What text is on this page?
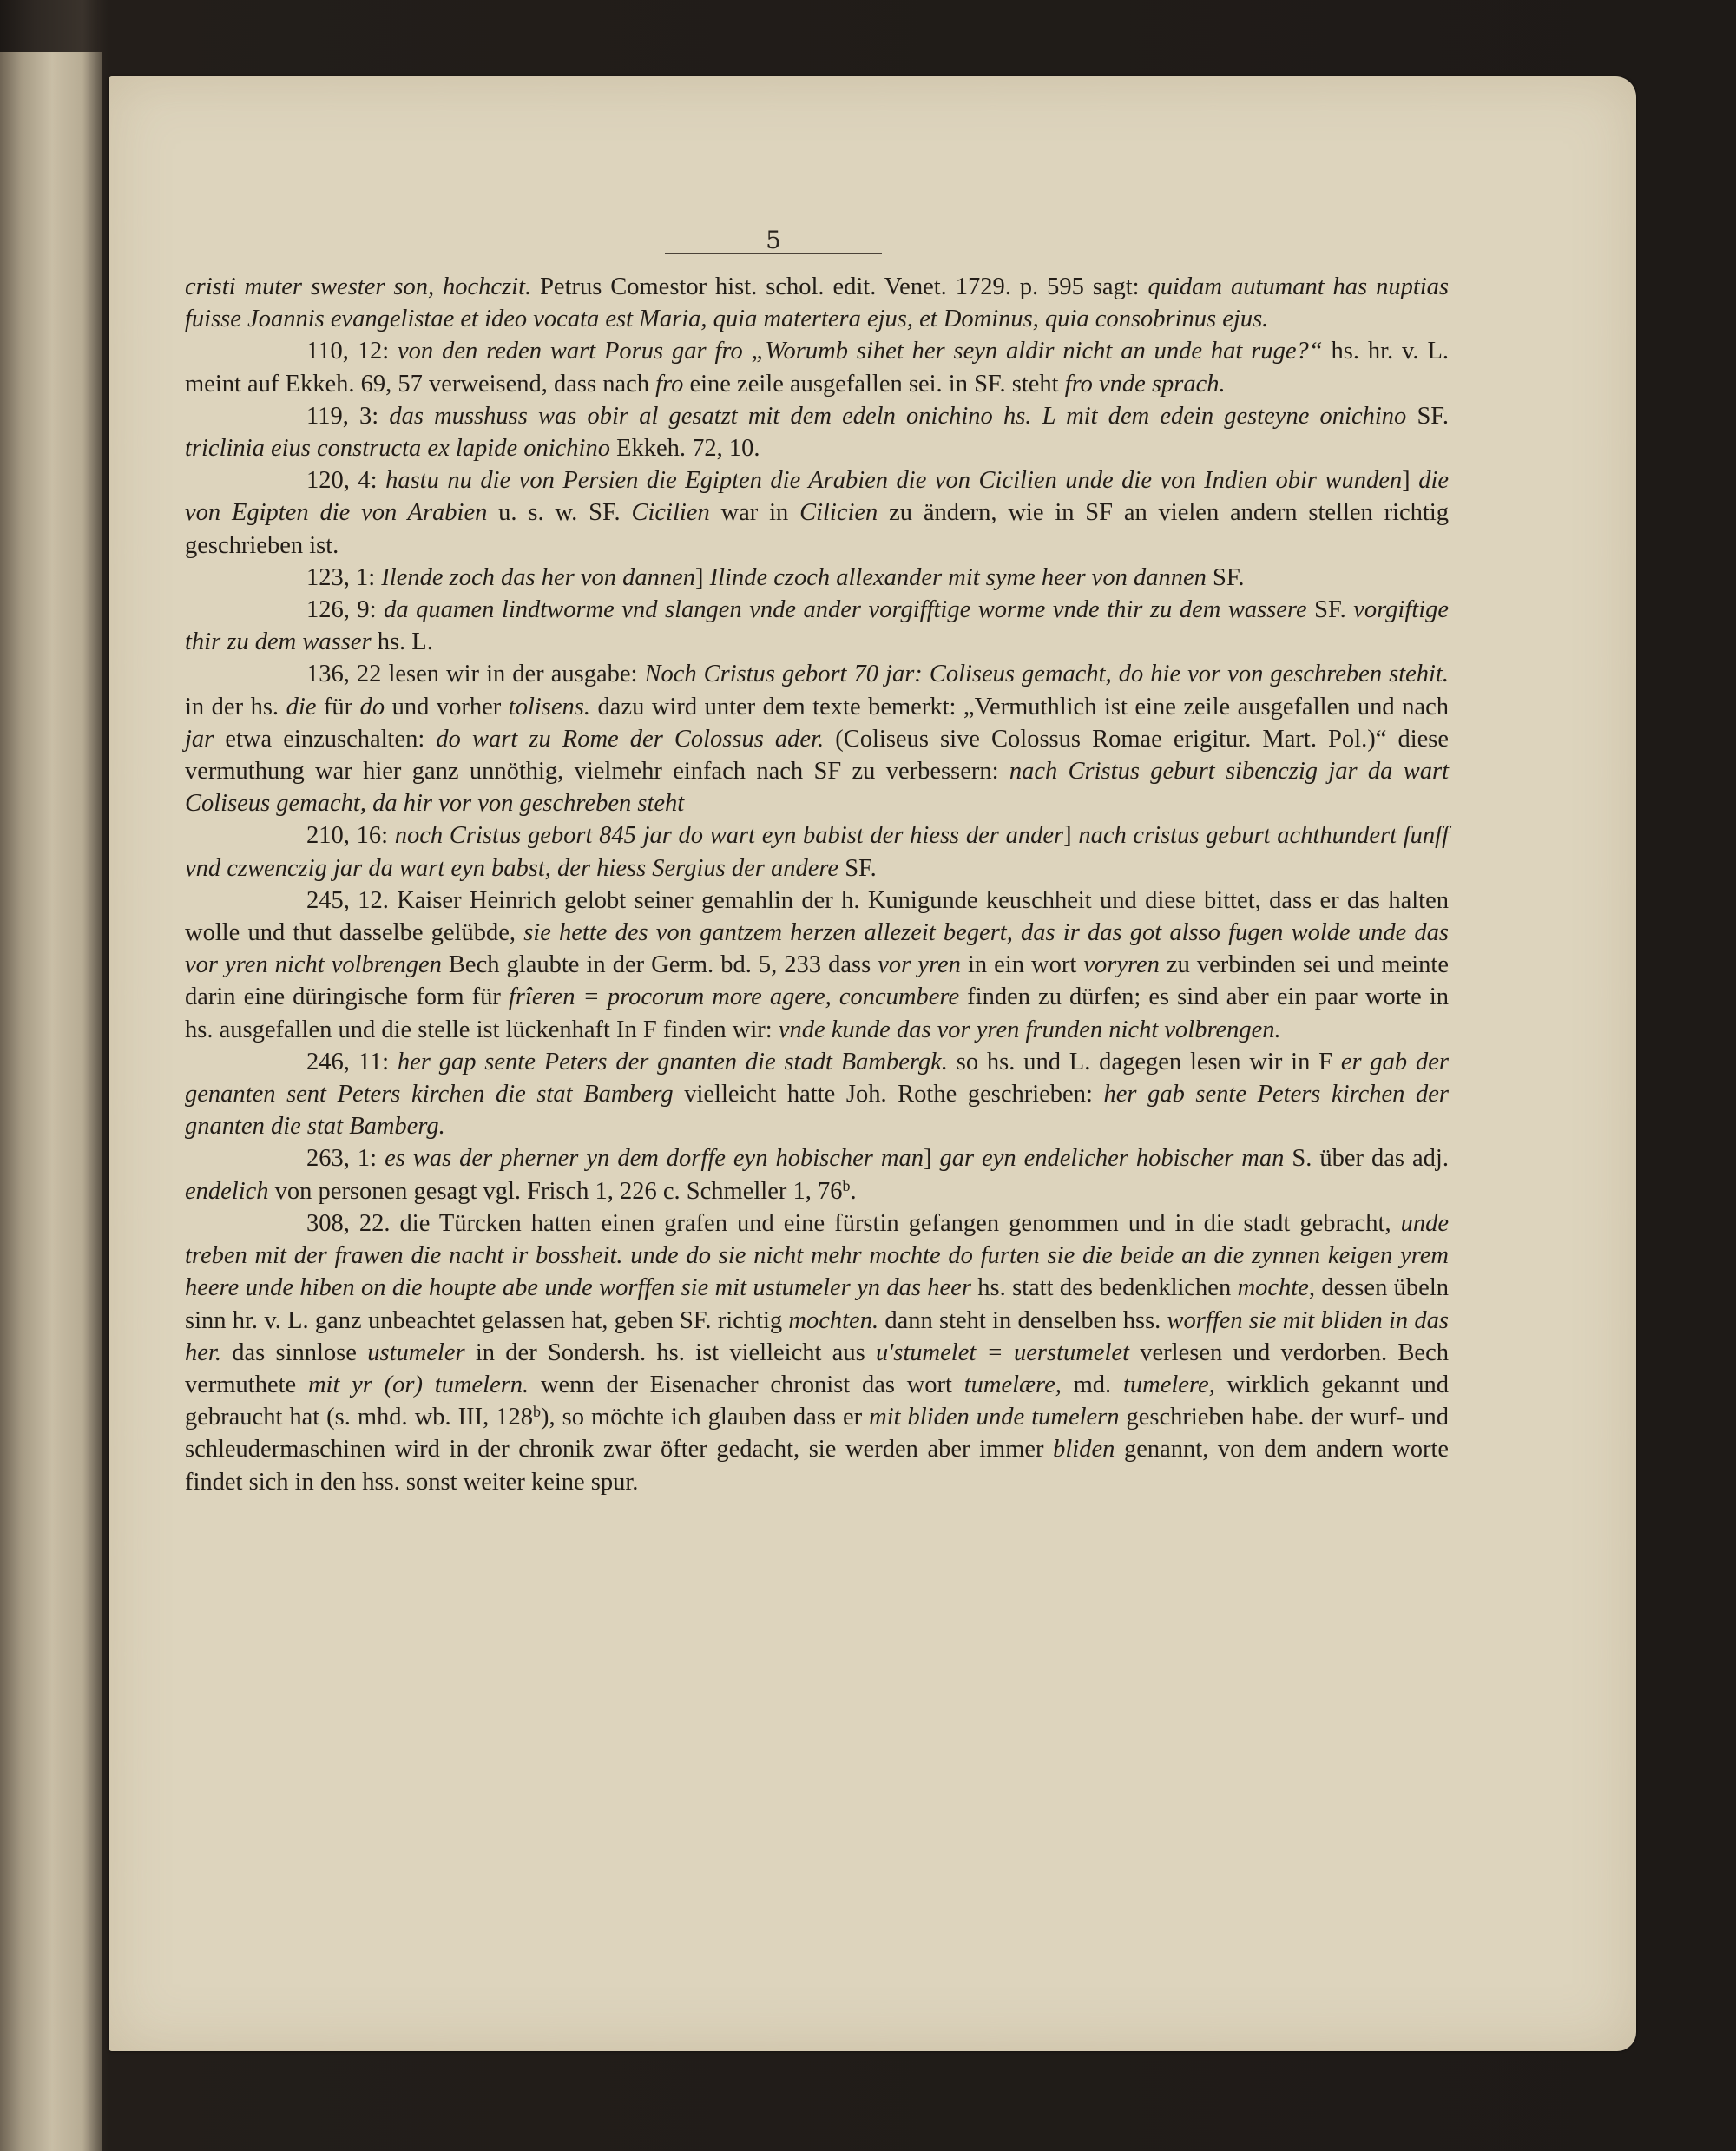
5

cristi muter swester son, hochczit. Petrus Comestor hist. schol. edit. Venet. 1729. p. 595 sagt: quidam autumant has nuptias fuisse Joannis evangelistae et ideo vocata est Maria, quia matertera ejus, et Dominus, quia consobrinus ejus.

110, 12: von den reden wart Porus gar fro „Worumb sihet her seyn aldir nicht an unde hat ruge?“ hs. hr. v. L. meint auf Ekkeh. 69, 57 verweisend, dass nach fro eine zeile ausgefallen sei. in SF. steht fro vnde sprach.

119, 3: das musshuss was obir al gesatzt mit dem edeln onichino hs. L mit dem edein gesteyne onichino SF. triclinia eius constructa ex lapide onichino Ekkeh. 72, 10.

120, 4: hastu nu die von Persien die Egipten die Arabien die von Cicilien unde die von Indien obir wunden] die von Egipten die von Arabien u. s. w. SF. Cicilien war in Cilicien zu ändern, wie in SF an vielen andern stellen richtig geschrieben ist.

123, 1: Ilende zoch das her von dannen] Ilinde czoch allexander mit syme heer von dannen SF.

126, 9: da quamen lindtworme vnd slangen vnde ander vorgifftige worme vnde thir zu dem wassere SF. vorgiftige thir zu dem wasser hs. L.

136, 22 lesen wir in der ausgabe: Noch Cristus gebort 70 jar: Coliseus gemacht, do hie vor von geschreben stehit. in der hs. die für do und vorher tolisens. dazu wird unter dem texte bemerkt: „Vermuthlich ist eine zeile ausgefallen und nach jar etwa einzuschalten: do wart zu Rome der Colossus ader. (Coliseus sive Colossus Romae erigitur. Mart. Pol.)“ diese vermuthung war hier ganz unnöthig, vielmehr einfach nach SF zu verbessern: nach Cristus geburt sibenczig jar da wart Coliseus gemacht, da hir vor von geschreben steht

210, 16: noch Cristus gebort 845 jar do wart eyn babist der hiess der ander] nach cristus geburt achthundert funff vnd czwenczig jar da wart eyn babst, der hiess Sergius der andere SF.

245, 12. Kaiser Heinrich gelobt seiner gemahlin der h. Kunigunde keuschheit und diese bittet, dass er das halten wolle und thut dasselbe gelübde, sie hette des von gantzem herzen allezeit begert, das ir das got alsso fugen wolde unde das vor yren nicht volbrengen Bech glaubte in der Germ. bd. 5, 233 dass vor yren in ein wort voryren zu verbinden sei und meinte darin eine düringische form für frîeren = procorum more agere, concumbere finden zu dürfen; es sind aber ein paar worte in hs. ausgefallen und die stelle ist lückenhaft In F finden wir: vnde kunde das vor yren frunden nicht volbrengen.

246, 11: her gap sente Peters der gnanten die stadt Bambergk. so hs. und L. dagegen lesen wir in F er gab der genanten sent Peters kirchen die stat Bamberg vielleicht hatte Joh. Rothe geschrieben: her gab sente Peters kirchen der gnanten die stat Bamberg.

263, 1: es was der pherner yn dem dorffe eyn hobischer man] gar eyn endelicher hobischer man S. über das adj. endelich von personen gesagt vgl. Frisch 1, 226 c. Schmeller 1, 76$^b$.

308, 22. die Türcken hatten einen grafen und eine fürstin gefangen genommen und in die stadt gebracht, unde treben mit der frawen die nacht ir bossheit. unde do sie nicht mehr mochte do furten sie die beide an die zynnen keigen yrem heere unde hiben on die houpte abe unde worffen sie mit ustumeler yn das heer hs. statt des bedenklichen mochte, dessen übeln sinn hr. v. L. ganz unbeachtet gelassen hat, geben SF. richtig mochten. dann steht in denselben hss. worffen sie mit bliden in das her. das sinnlose ustumeler in der Sondersh. hs. ist vielleicht aus u'stumelet = uerstumelet verlesen und verdorben. Bech vermuthete mit yr (or) tumelern. wenn der Eisenacher chronist das wort tumelære, md. tumelere, wirklich gekannt und gebraucht hat (s. mhd. wb. III, 128$^b$), so möchte ich glauben dass er mit bliden unde tumelern geschrieben habe. der wurf- und schleudermaschinen wird in der chronik zwar öfter gedacht, sie werden aber immer bliden genannt, von dem andern worte findet sich in den hss. sonst weiter keine spur.
